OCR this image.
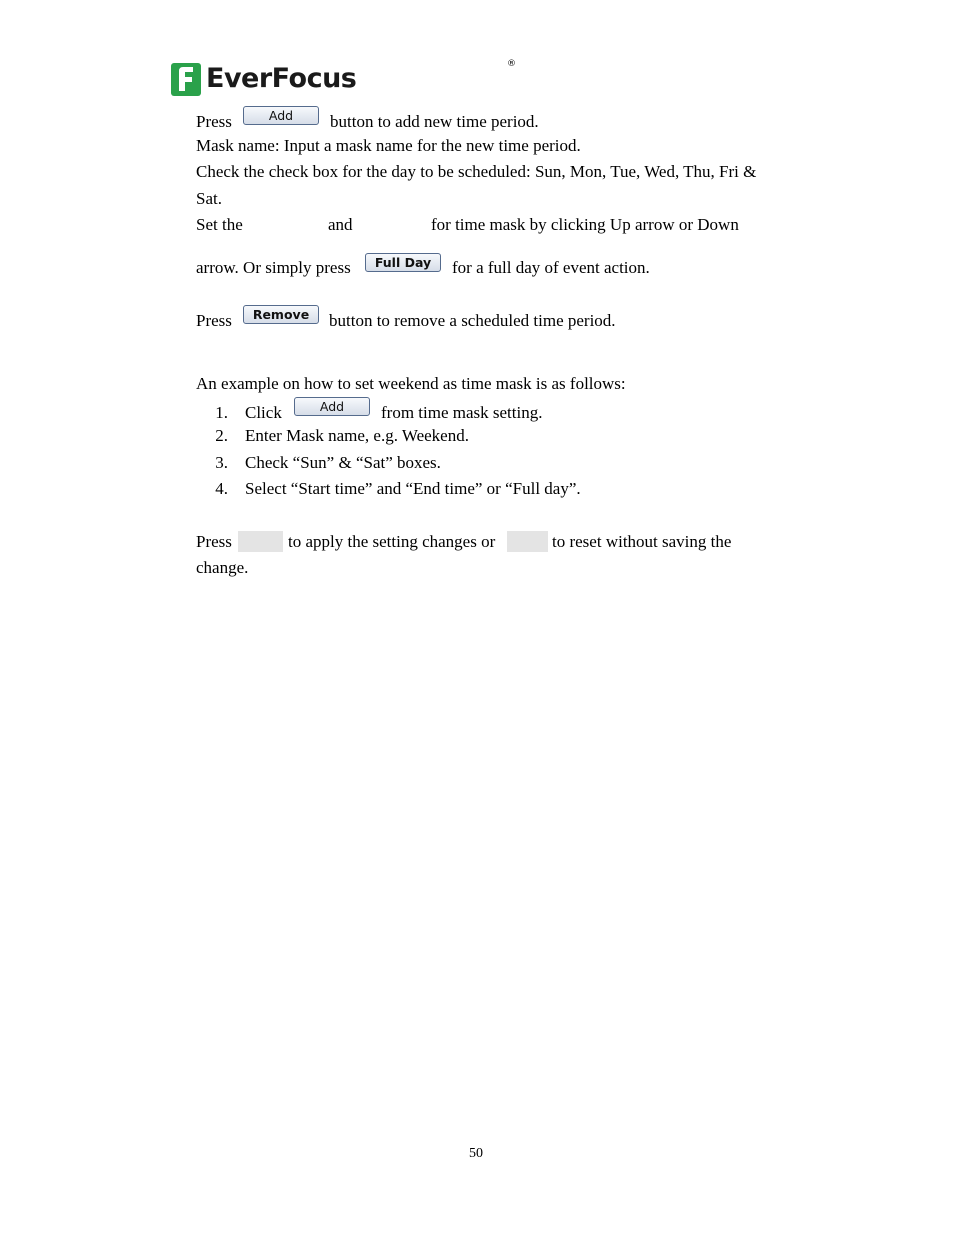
EverFocus	®
Press	Add	button to add new time period.
Mask name: Input a mask name for the new time period.
Check the check box for the day to be scheduled: Sun, Mon, Tue, Wed, Thu, Fri &
Sat.
Set the	and	for time mask by clicking Up arrow or Down
arrow. Or simply press	Full Day	for a full day of event action.
Press	Remove	button to remove a scheduled time period.
An example on how to set weekend as time mask is as follows:
1. Click	Add	from time mask setting.
2. Enter Mask name, e.g. Weekend.
3. Check “Sun” & “Sat” boxes.
4. Select “Start time” and “End time” or “Full day”.
Press	to apply the setting changes or	to reset without saving the
change.
50
